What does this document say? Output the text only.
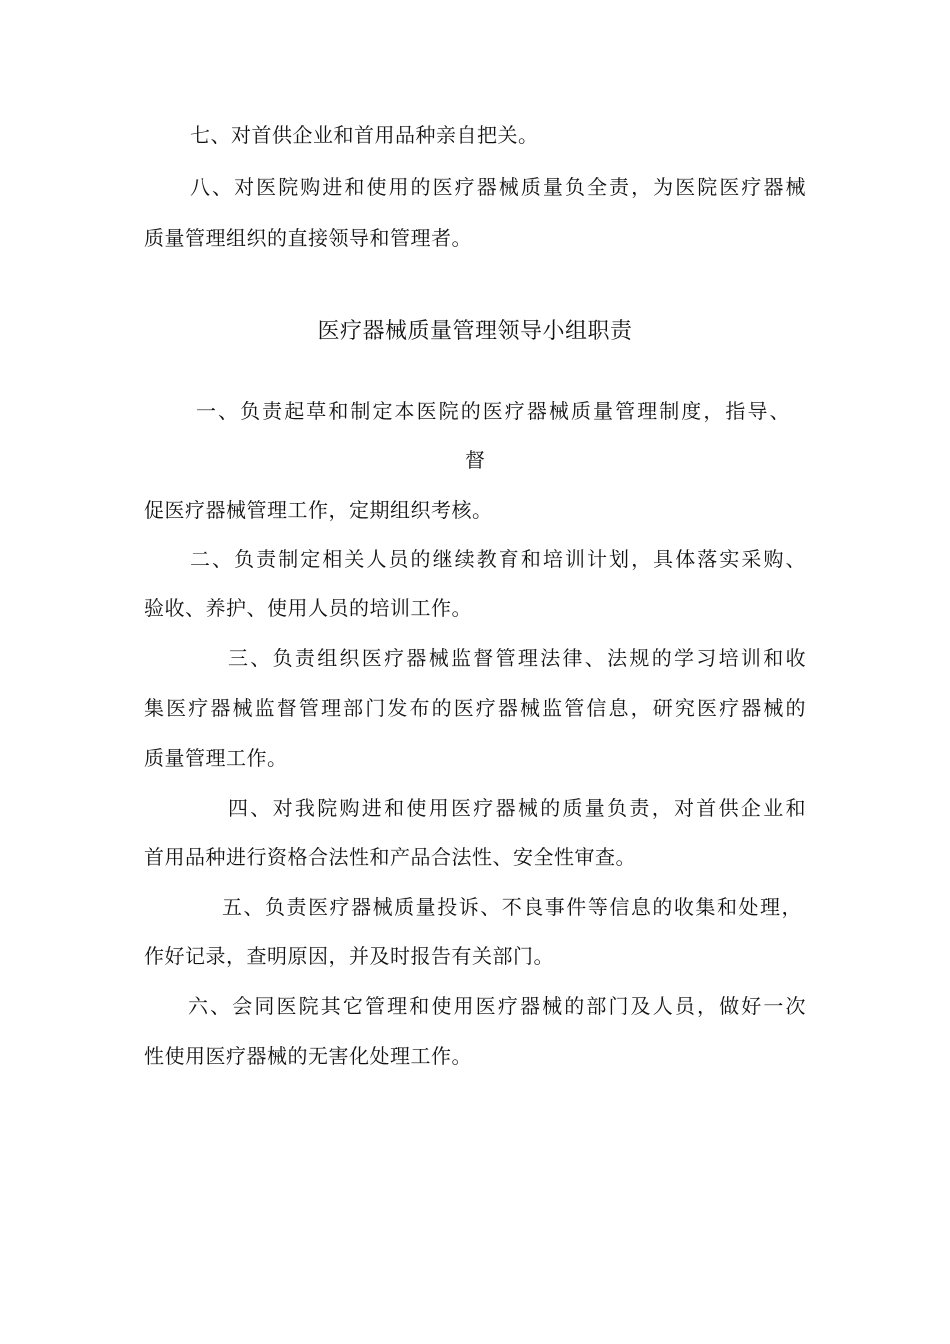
七、对首供企业和首用品种亲自把关。
八、对医院购进和使用的医疗器械质量负全责，为医院医疗器械
质量管理组织的直接领导和管理者。
医疗器械质量管理领导小组职责
一、负责起草和制定本医院的医疗器械质量管理制度，指导、
督
促医疗器械管理工作，定期组织考核。
二、负责制定相关人员的继续教育和培训计划，具体落实采购、
验收、养护、使用人员的培训工作。
三、负责组织医疗器械监督管理法律、法规的学习培训和收
集医疗器械监督管理部门发布的医疗器械监管信息，研究医疗器械的
质量管理工作。
四、对我院购进和使用医疗器械的质量负责，对首供企业和
首用品种进行资格合法性和产品合法性、安全性审查。
五、负责医疗器械质量投诉、不良事件等信息的收集和处理，
作好记录，查明原因，并及时报告有关部门。
六、会同医院其它管理和使用医疗器械的部门及人员，做好一次
性使用医疗器械的无害化处理工作。
